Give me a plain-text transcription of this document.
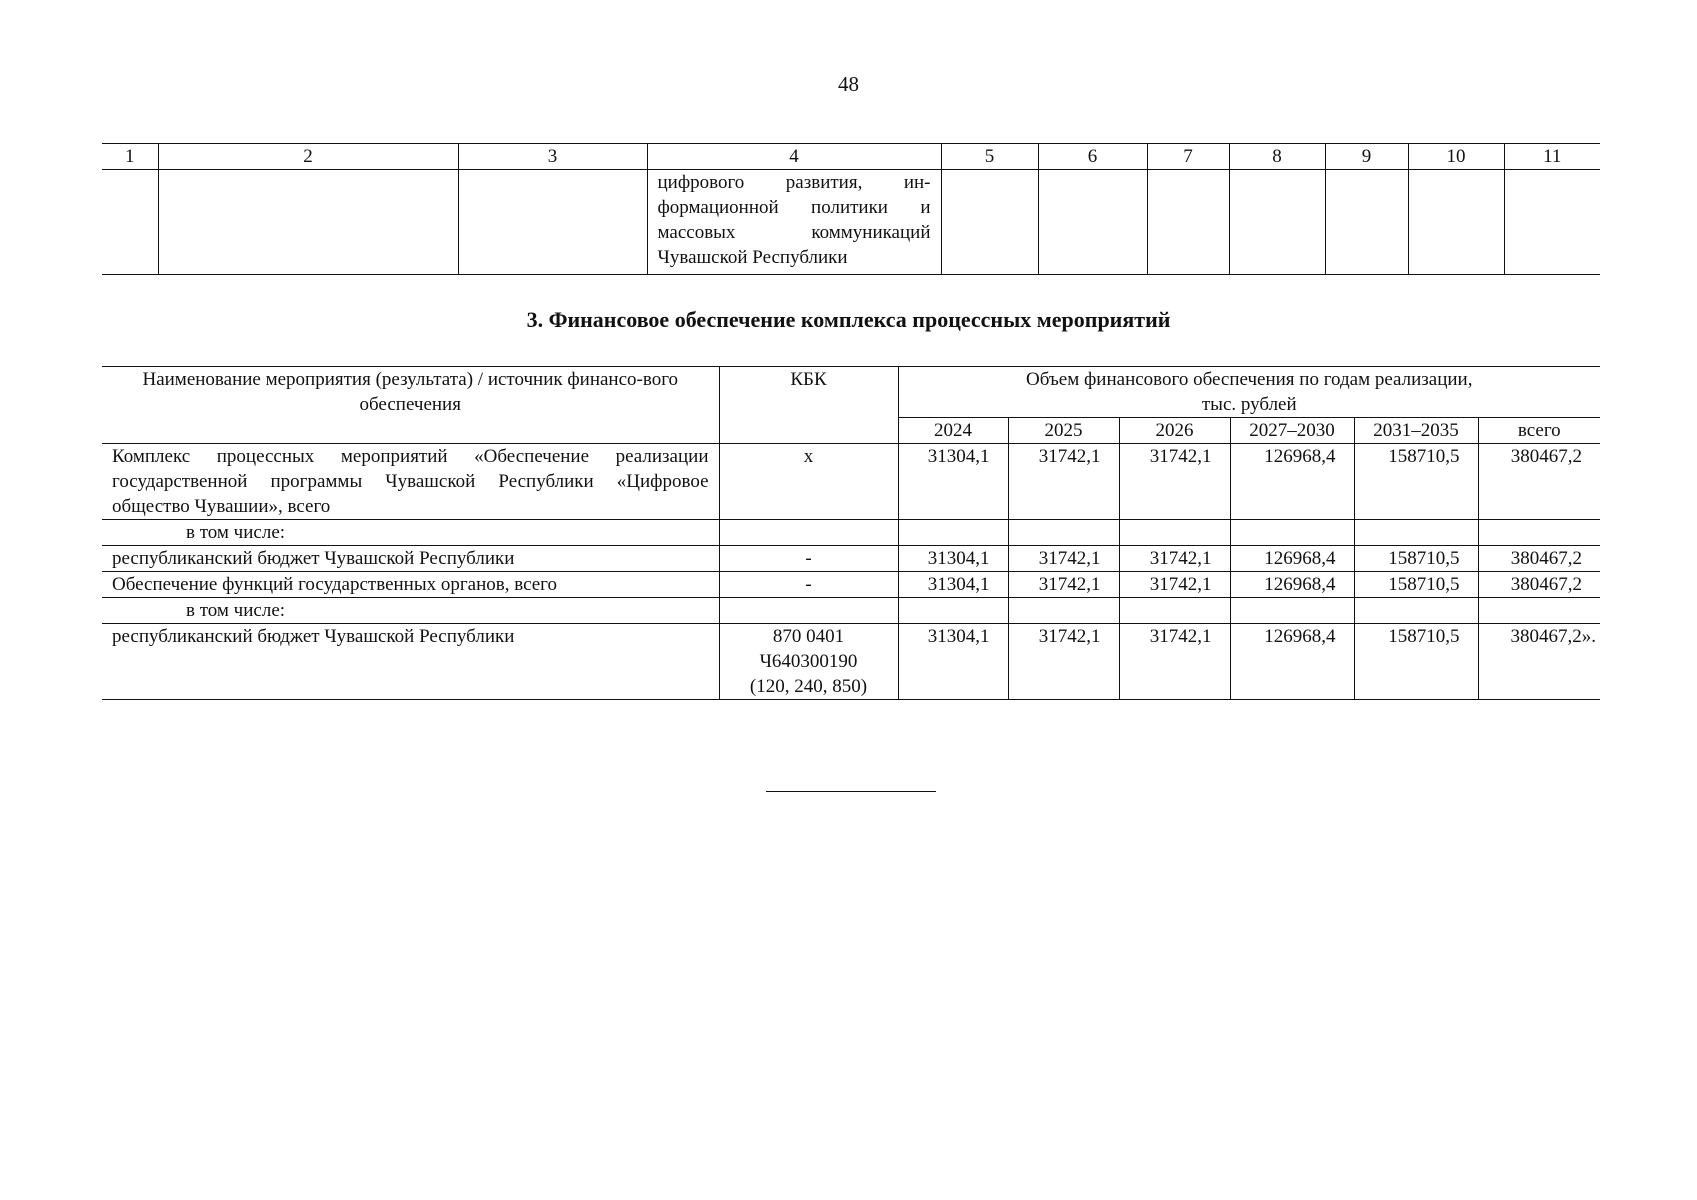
48
1	2	3	4	5	6	7	8	9	10	11

			цифрового развития, ин-
формационной политики и
массовых коммуникаций
Чувашской Республики							

3. Финансовое обеспечение комплекса процессных мероприятий
Наименование мероприятия (результата) / источник финансо-вого обеспечения	КБК	Объем финансового обеспечения по годам реализации, тыс. рублей					
		2024	2025	2026	2027–2030	2031–2035	всего
Комплекс процессных мероприятий «Обеспечение реализации государственной программы Чувашской Республики «Цифровое общество Чувашии», всего	x	31304,1	31742,1	31742,1	126968,4	158710,5	380467,2
в том числе:							
республиканский бюджет Чувашской Республики	-	31304,1	31742,1	31742,1	126968,4	158710,5	380467,2
Обеспечение функций государственных органов, всего	-	31304,1	31742,1	31742,1	126968,4	158710,5	380467,2
в том числе:							
республиканский бюджет Чувашской Республики	870 0401
Ч640300190
(120, 240, 850)	31304,1	31742,1	31742,1	126968,4	158710,5	380467,2».
